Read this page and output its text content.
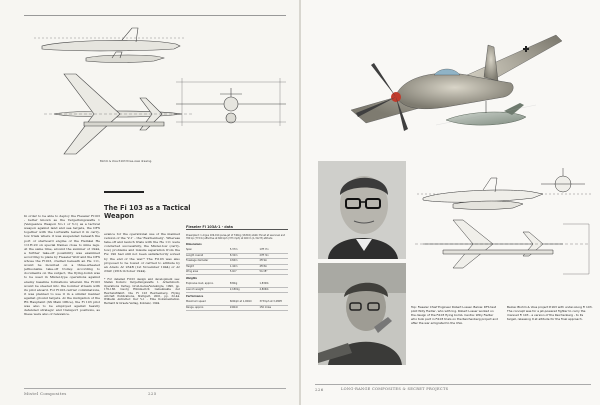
Blohm & Voss P.163 three-view drawing.
The Fi 103 as a Tactical
Weapon
In order to be able to deploy the Fieseler Fi103 - better known as the Vergeltungswaffe 1 (Vengeance Weapon No.1 or V-1) as a tactical weapon against land and sea targets, the DFS together with the Luftwaffe tested it in carry-tow trials where it was suspended beneath the port or starboard engine of the Heinkel He 111H-20 on special frames close to mine legs. At the same time, around the summer of 1944, a further take-off possibility was examined according to plans by Fieseler Wolf and the DFS whose the Fi103, cradled beneath an He 111, would be mounted on a three-wheeled jettisonable take-off trolley. According to documents on the subject, the flying-bomb was to be used in Mistel-type operations against enemy baseline formations wherein the Fi103 would be steered into the bomber stream with its pilot aboard. For Fi103-carrier combinations, it was planned to use it in a similar manner against ground targets. At the instigation of the RS Hauptamt (SS Main Office), the Fi 103 pilot was also to be employed against heavily defended strategic and transport positions, as these were also of relevance.
evance for the operational use of the manned version of the 'V-1' - the 'Reichenberg'. Whereas take-off and launch trials with the He 111 were conducted successfully, the Mistel-tow (carry-tow) problems and missile separation from the Fw 190 had still not been satisfactorily solved by the end of the war.* The Fi103 was also proposed to be towed or carried to altitude by an Arado Ar 234B (1st November 1944) or Ar 234C (25th October 1944).
* For detailed Fi103 design and development see: Stefan Koburs: Vergeltungswaffe 1. Arbeitsbuch. Operations Verlag, Groß-Gerau/Vereinigte, 1996, pp. 170-186. Georg Hümmerich: Geheimakte der Reichsluftfahrt. Die Fi 103 Reichenberg. Flying Aircraft Publications, Stuttgart, 2001, pp. 32-44. Wilhelm Antretter: Der V-1 - Eine Dokumentation. Bernard & Graefe Verlag, Koblenz, 1994.
Fieseler Fi 103A-1 - data
Powerplant: 1 Argus 109-014 pulse-jet of 740kg (1631lb) static thrust at sea level and 350 kp (772 lb) effective at 600 kph (373 mph) at 400 m (1,312 ft) altitude
Dimensions
Span	5.37m	17ft 7in
Length overall	8.32m	27ft 3in
Fuselage diameter	0.84m	2ft 9in
Height	1.42m	4ft 8in
Wing area	5.0m²	54.1ft²
Weights
Explosive load, approx.	830kg	1,830lb
Launch weight	2,180kg	4,806lb
Performance
Maximum speed	600kph at 1,000m	373mph at 3,280ft
Range, approx.	240km	150 miles
Mistel Composites	225
Top: Fieseler Chief Engineer Robert Lusser. Below: DFS test pilot Willy Fiedler, who with Ing. Robert Lusser worked on the design of the Fi103 flying bomb. Centre: Willy Fiedler who took part in Fi103 trials on the Reichenberg project and after the war emigrated to the USA.
Below: Blohm & Voss project P.163 with under-slung Fi 103. The concept was for a jet-powered fighter to carry the manned Fi 103 - a version of the Reichenberg - to its target, releasing it at altitude for the final approach.
226	LONG-RANGE COMPOSITES & SECRET PROJECTS
